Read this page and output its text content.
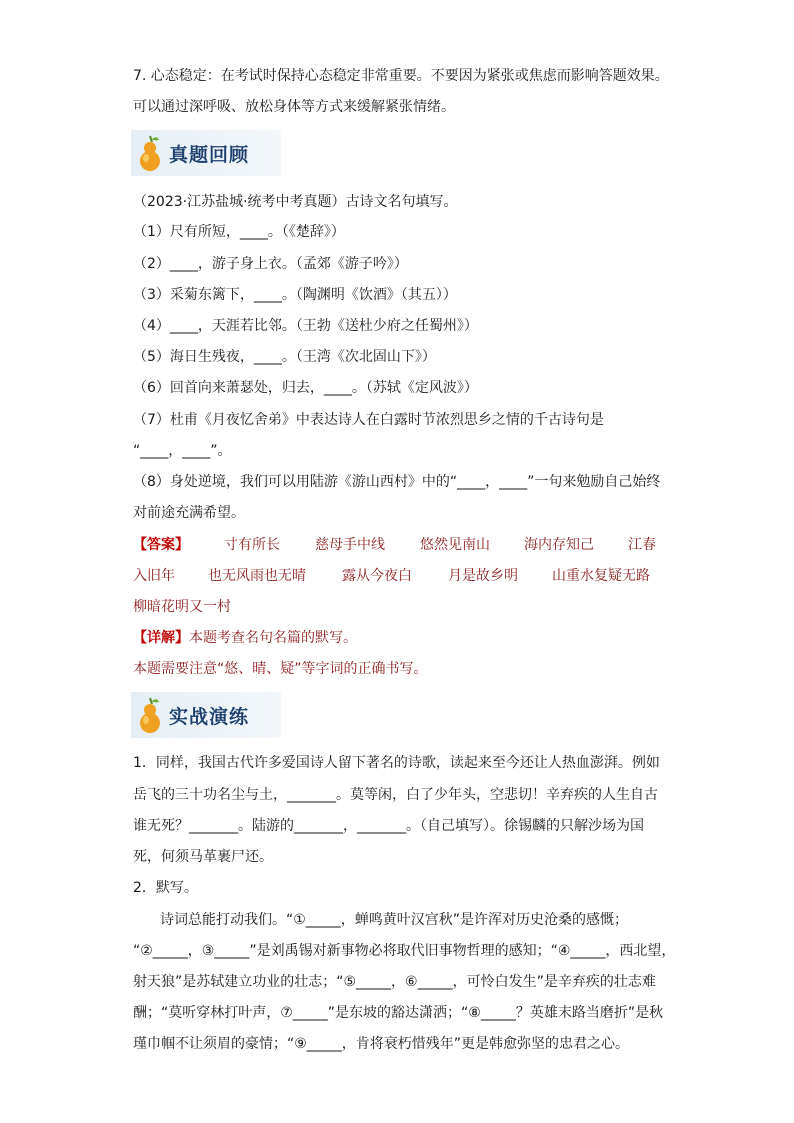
7. 心态稳定：在考试时保持心态稳定非常重要。不要因为紧张或焦虑而影响答题效果。
可以通过深呼吸、放松身体等方式来缓解紧张情绪。
真题回顾
（2023·江苏盐城·统考中考真题）古诗文名句填写。
（1）尺有所短，____。（《楚辞》）
（2）____，游子身上衣。（孟郊《游子吟》）
（3）采菊东篱下，____。（陶渊明《饮酒》（其五））
（4）____，天涯若比邻。（王勃《送杜少府之任蜀州》）
（5）海日生残夜，____。（王湾《次北固山下》）
（6）回首向来萧瑟处，归去，____。（苏轼《定风波》）
（7）杜甫《月夜忆舍弟》中表达诗人在白露时节浓烈思乡之情的千古诗句是
“____，____”。
（8）身处逆境，我们可以用陆游《游山西村》中的“____，____”一句来勉励自己始终
对前途充满希望。
【答案】	寸有所长	慈母手中线	悠然见南山 海内存知己 江春
入旧年 也无风雨也无晴	露从今夜白	月是故乡明 山重水复疑无路
柳暗花明又一村
【详解】本题考查名句名篇的默写。
本题需要注意“悠、晴、疑”等字词的正确书写。
实战演练
1．同样，我国古代许多爱国诗人留下著名的诗歌，读起来至今还让人热血澎湃。例如
岳飞的三十功名尘与土，_______。莫等闲，白了少年头，空悲切！辛弃疾的人生自古
谁无死？_______。陆游的_______，_______。（自己填写）。徐锡麟的只解沙场为国
死，何须马革裹尸还。
2．默写。
诗词总能打动我们。“①_____，蝉鸣黄叶汉宫秋”是许浑对历史沧桑的感慨；
“②_____，③_____”是刘禹锡对新事物必将取代旧事物哲理的感知；“④_____，西北望，
射天狼”是苏轼建立功业的壮志；“⑤_____，⑥_____，可怜白发生”是辛弃疾的壮志难
酬；“莫听穿林打叶声，⑦_____”是东坡的豁达潇洒；“⑧_____？英雄末路当磨折”是秋
瑾巾帼不让须眉的豪情；“⑨_____，肯将衰朽惜残年”更是韩愈弥坚的忠君之心。
